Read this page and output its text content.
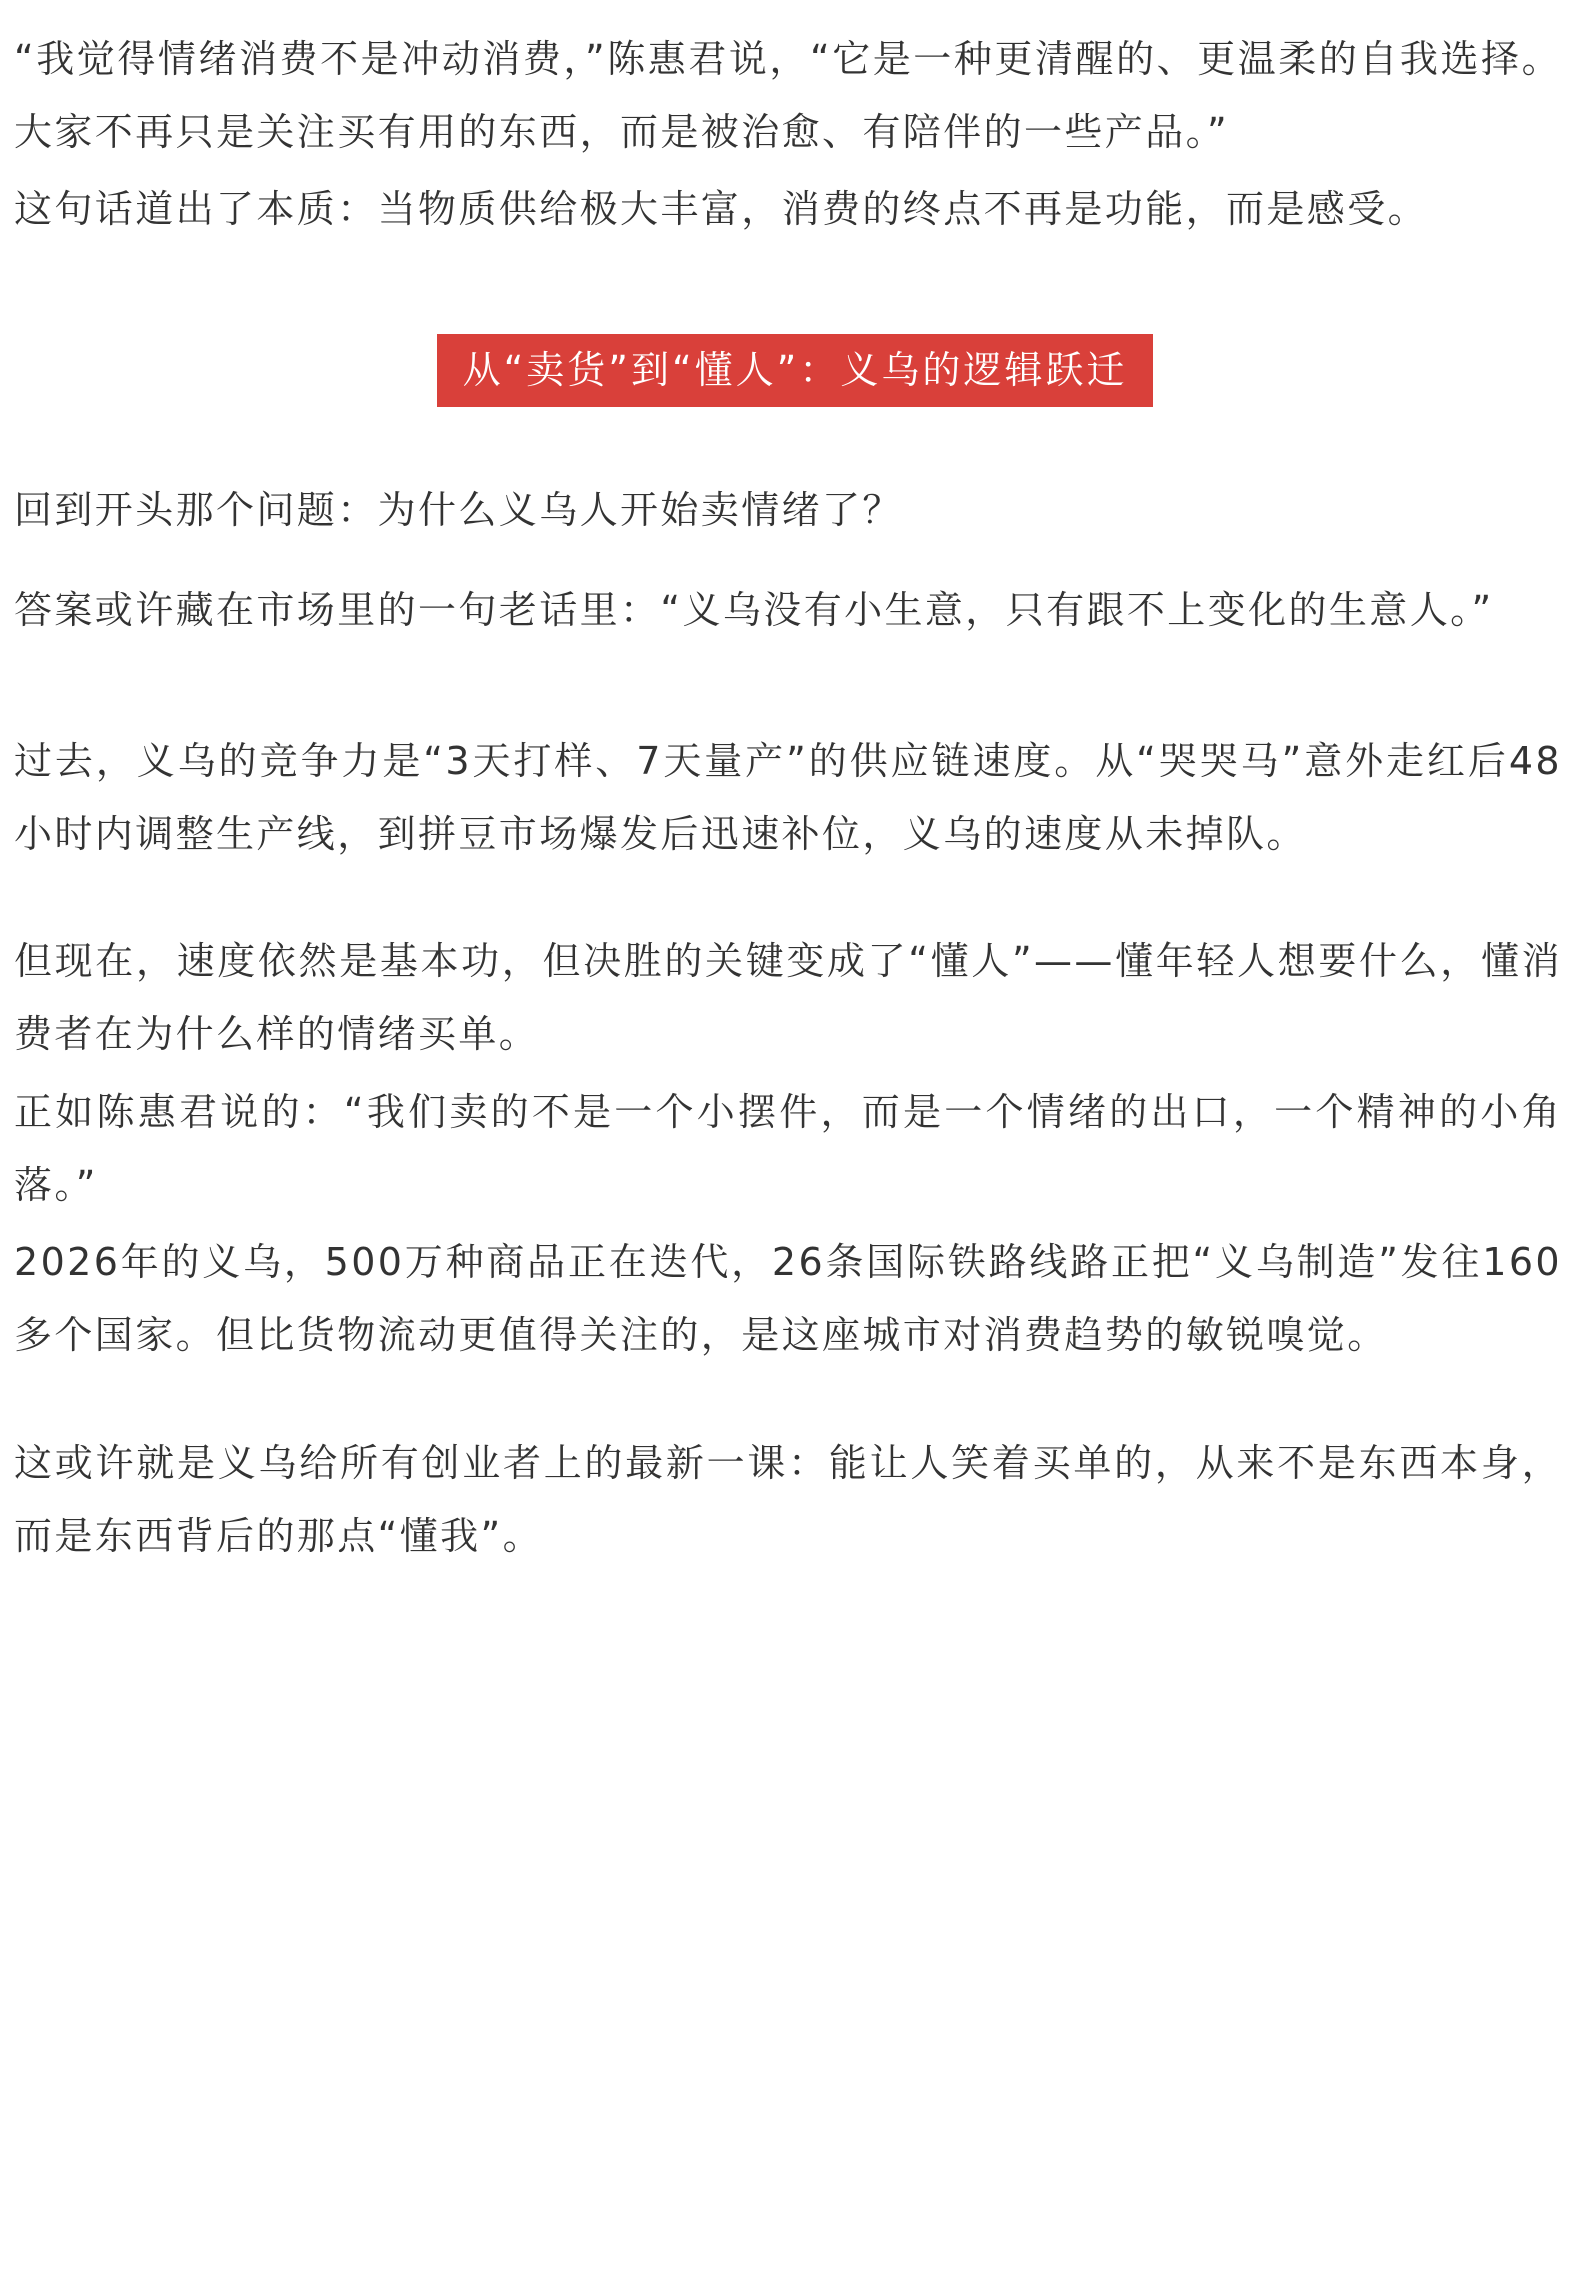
“我觉得情绪消费不是冲动消费，”陈惠君说，“它是一种更清醒的、更温柔的自我选择。大家不再只是关注买有用的东西，而是被治愈、有陪伴的一些产品。”

这句话道出了本质：当物质供给极大丰富，消费的终点不再是功能，而是感受。

从“卖货”到“懂人”：义乌的逻辑跃迁

回到开头那个问题：为什么义乌人开始卖情绪了？

答案或许藏在市场里的一句老话里：“义乌没有小生意，只有跟不上变化的生意人。”

过去，义乌的竞争力是“3天打样、7天量产”的供应链速度。从“哭哭马”意外走红后48小时内调整生产线，到拼豆市场爆发后迅速补位，义乌的速度从未掉队。

但现在，速度依然是基本功，但决胜的关键变成了“懂人”——懂年轻人想要什么，懂消费者在为什么样的情绪买单。

正如陈惠君说的：“我们卖的不是一个小摆件，而是一个情绪的出口，一个精神的小角落。”

2026年的义乌，500万种商品正在迭代，26条国际铁路线路正把“义乌制造”发往160多个国家。但比货物流动更值得关注的，是这座城市对消费趋势的敏锐嗅觉。

这或许就是义乌给所有创业者上的最新一课：能让人笑着买单的，从来不是东西本身，而是东西背后的那点“懂我”。
